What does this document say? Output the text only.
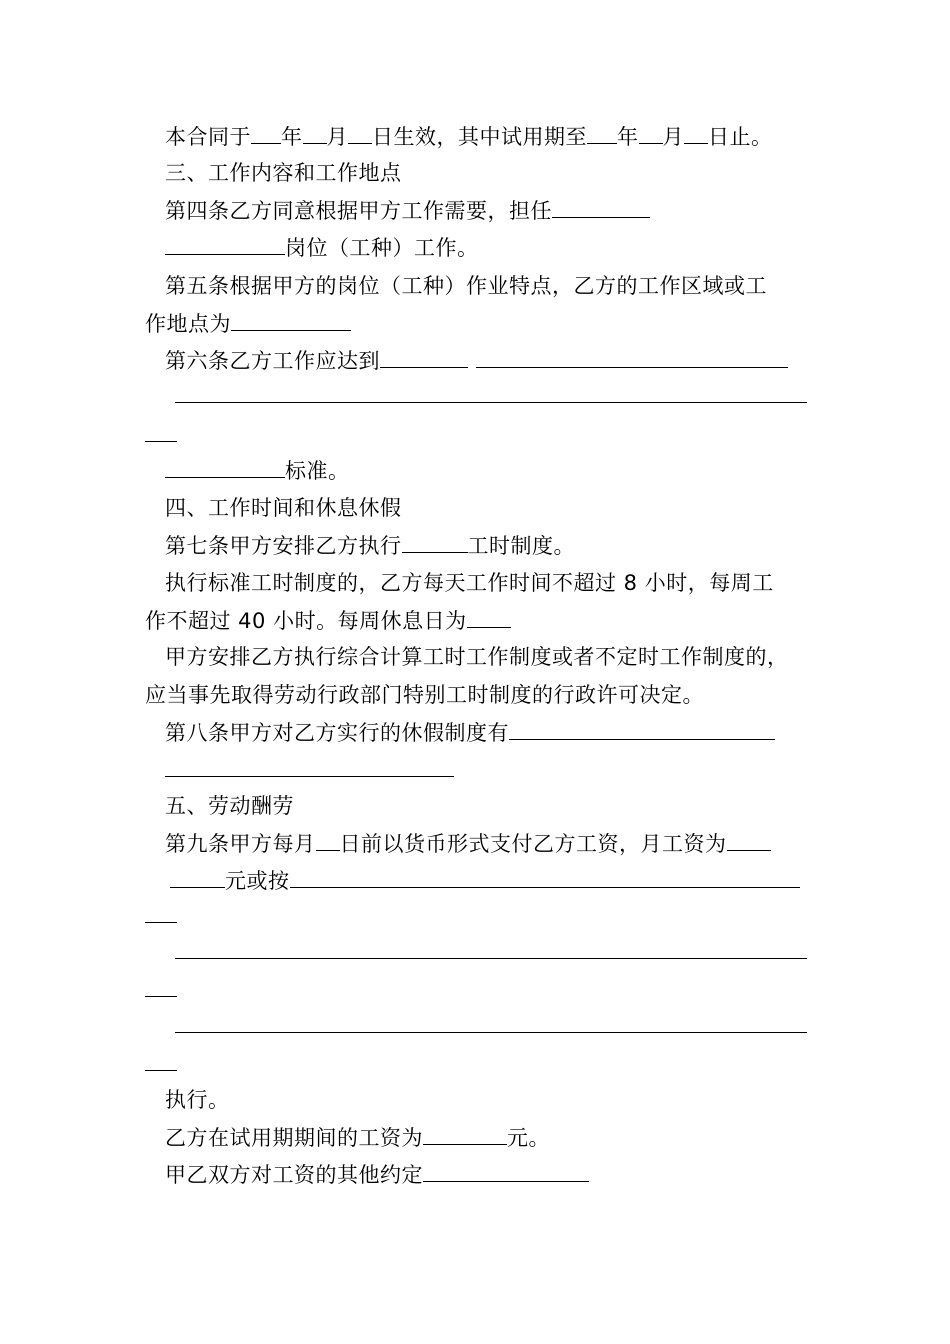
本合同于 年 月 日生效，其中试用期至 年 月 日止。
三、工作内容和工作地点
第四条乙方同意根据甲方工作需要，担任
岗位（工种）工作。
第五条根据甲方的岗位（工种）作业特点，乙方的工作区域或工
作地点为
第六条乙方工作应达到
标准。
四、工作时间和休息休假
第七条甲方安排乙方执行	工时制度。
执行标准工时制度的，乙方每天工作时间不超过 8 小时，每周工
作不超过 40 小时。每周休息日为
甲方安排乙方执行综合计算工时工作制度或者不定时工作制度的，
应当事先取得劳动行政部门特别工时制度的行政许可决定。
第八条甲方对乙方实行的休假制度有
五、劳动酬劳
第九条甲方每月 日前以货币形式支付乙方工资，月工资为
元或按
执行。
乙方在试用期期间的工资为	元。
甲乙双方对工资的其他约定
